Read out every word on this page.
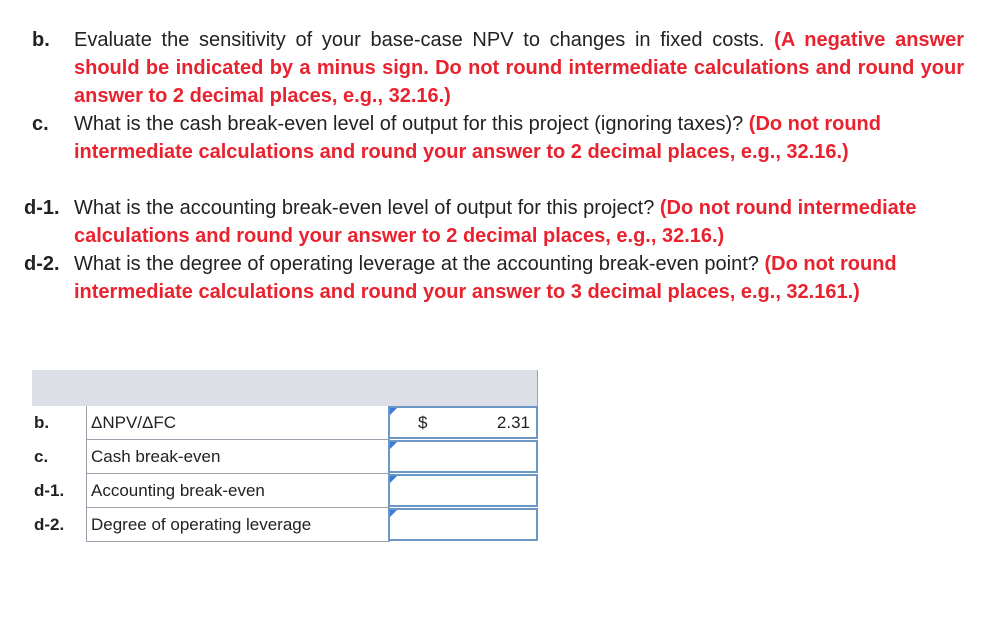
b. Evaluate the sensitivity of your base-case NPV to changes in fixed costs. (A negative answer should be indicated by a minus sign. Do not round intermediate calculations and round your answer to 2 decimal places, e.g., 32.16.)
c. What is the cash break-even level of output for this project (ignoring taxes)? (Do not round intermediate calculations and round your answer to 2 decimal places, e.g., 32.16.)
d-1. What is the accounting break-even level of output for this project? (Do not round intermediate calculations and round your answer to 2 decimal places, e.g., 32.16.)
d-2. What is the degree of operating leverage at the accounting break-even point? (Do not round intermediate calculations and round your answer to 3 decimal places, e.g., 32.161.)
b. ΔNPV/ΔFC	$	2.31
c.	Cash break-even
d-1. Accounting break-even
d-2. Degree of operating leverage
